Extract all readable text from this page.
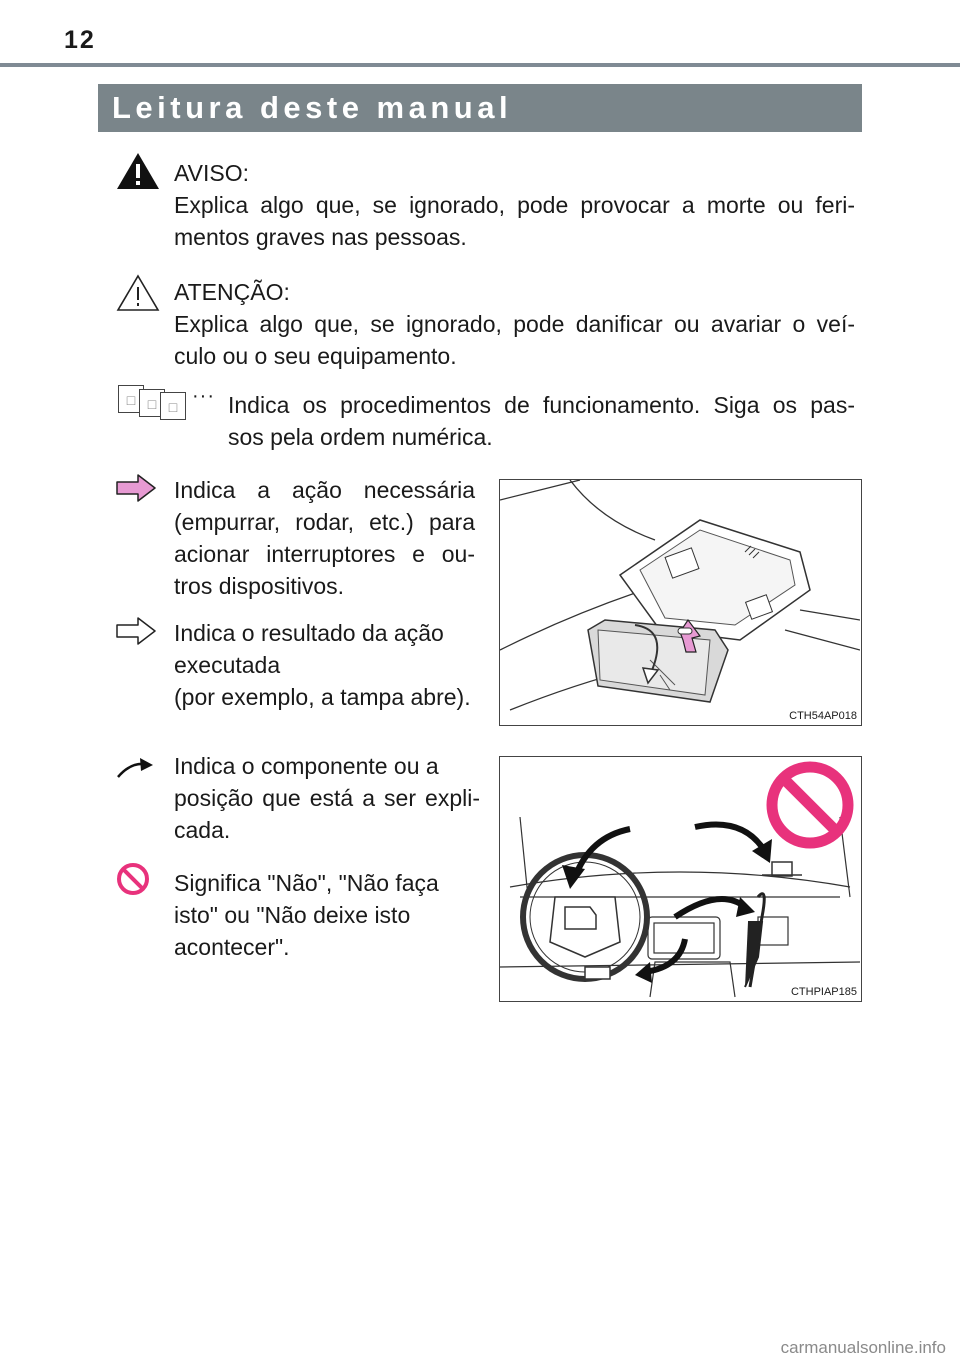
12
Leitura deste manual
AVISO:
Explica algo que, se ignorado, pode provocar a morte ou feri-
mentos graves nas pessoas.
ATENÇÃO:
Explica algo que, se ignorado, pode danificar ou avariar o veí-
culo ou o seu equipamento.
□ □ □ ··· Indica os procedimentos de funcionamento. Siga os pas-
sos pela ordem numérica.
Indica a ação necessária
(empurrar, rodar, etc.) para
acionar interruptores e ou-
tros dispositivos.
Indica o resultado da ação
executada
(por exemplo, a tampa abre).
CTH54AP018
Indica o componente ou a
posição que está a ser expli-
cada.
Significa "Não", "Não faça
isto" ou "Não deixe isto
acontecer".
CTHPIAP185
carmanualsonline.info
